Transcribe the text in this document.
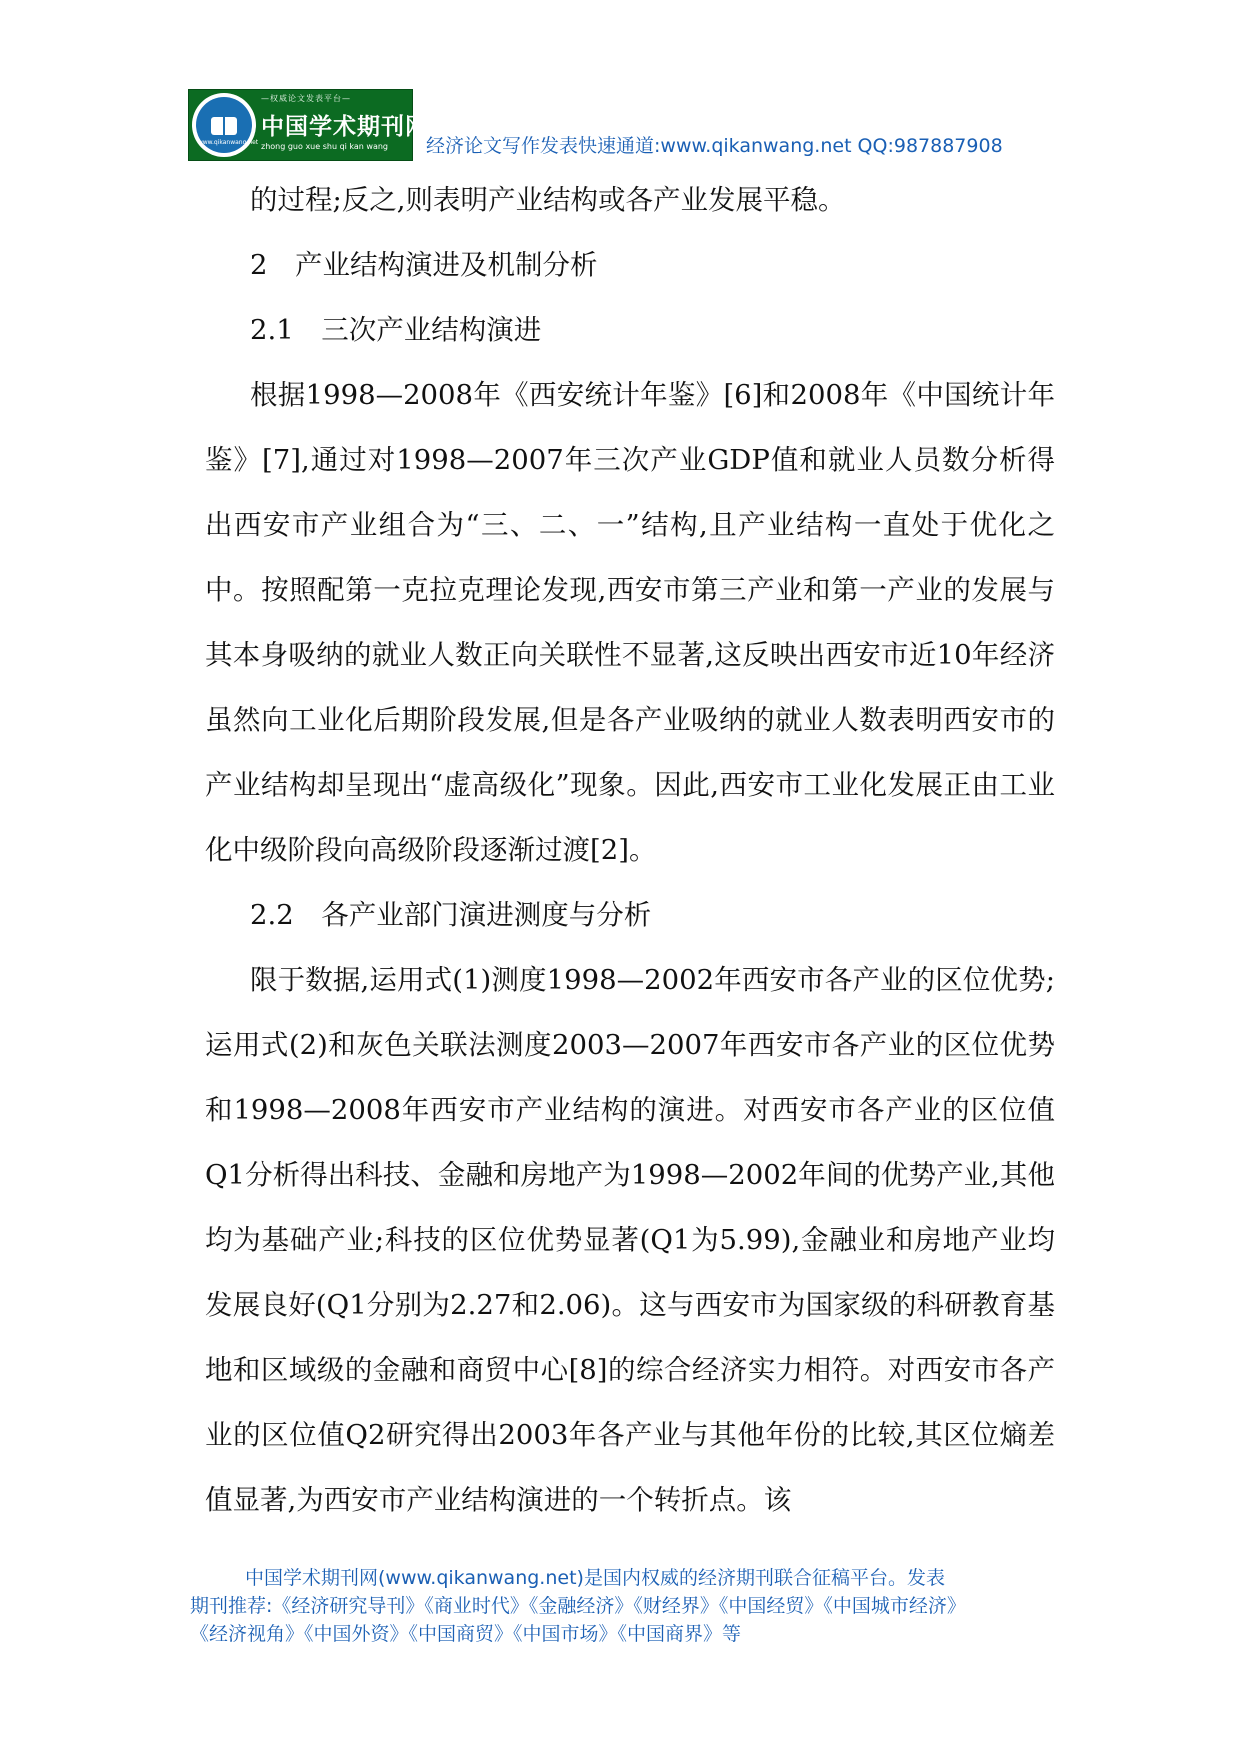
www.qikanwang.net
—权威论文发表平台—
中国学术期刊网
zhong guo xue shu qi kan wang	经济论文写作发表快速通道:www.qikanwang.net QQ:987887908

的过程;反之,则表明产业结构或各产业发展平稳。

2　产业结构演进及机制分析

2.1　三次产业结构演进

根据1998—2008年《西安统计年鉴》[6]和2008年《中国统计年鉴》[7],通过对1998—2007年三次产业GDP值和就业人员数分析得出西安市产业组合为“三、二、一”结构,且产业结构一直处于优化之中。按照配第一克拉克理论发现,西安市第三产业和第一产业的发展与其本身吸纳的就业人数正向关联性不显著,这反映出西安市近10年经济虽然向工业化后期阶段发展,但是各产业吸纳的就业人数表明西安市的产业结构却呈现出“虚高级化”现象。因此,西安市工业化发展正由工业化中级阶段向高级阶段逐渐过渡[2]。

2.2　各产业部门演进测度与分析

限于数据,运用式(1)测度1998—2002年西安市各产业的区位优势;运用式(2)和灰色关联法测度2003—2007年西安市各产业的区位优势和1998—2008年西安市产业结构的演进。对西安市各产业的区位值Q1分析得出科技、金融和房地产为1998—2002年间的优势产业,其他均为基础产业;科技的区位优势显著(Q1为5.99),金融业和房地产业均发展良好(Q1分别为2.27和2.06)。这与西安市为国家级的科研教育基地和区域级的金融和商贸中心[8]的综合经济实力相符。对西安市各产业的区位值Q2研究得出2003年各产业与其他年份的比较,其区位熵差值显著,为西安市产业结构演进的一个转折点。该

中国学术期刊网(www.qikanwang.net)是国内权威的经济期刊联合征稿平台。发表

期刊推荐:《经济研究导刊》《商业时代》《金融经济》《财经界》《中国经贸》《中国城市经济》

《经济视角》《中国外资》《中国商贸》《中国市场》《中国商界》等
